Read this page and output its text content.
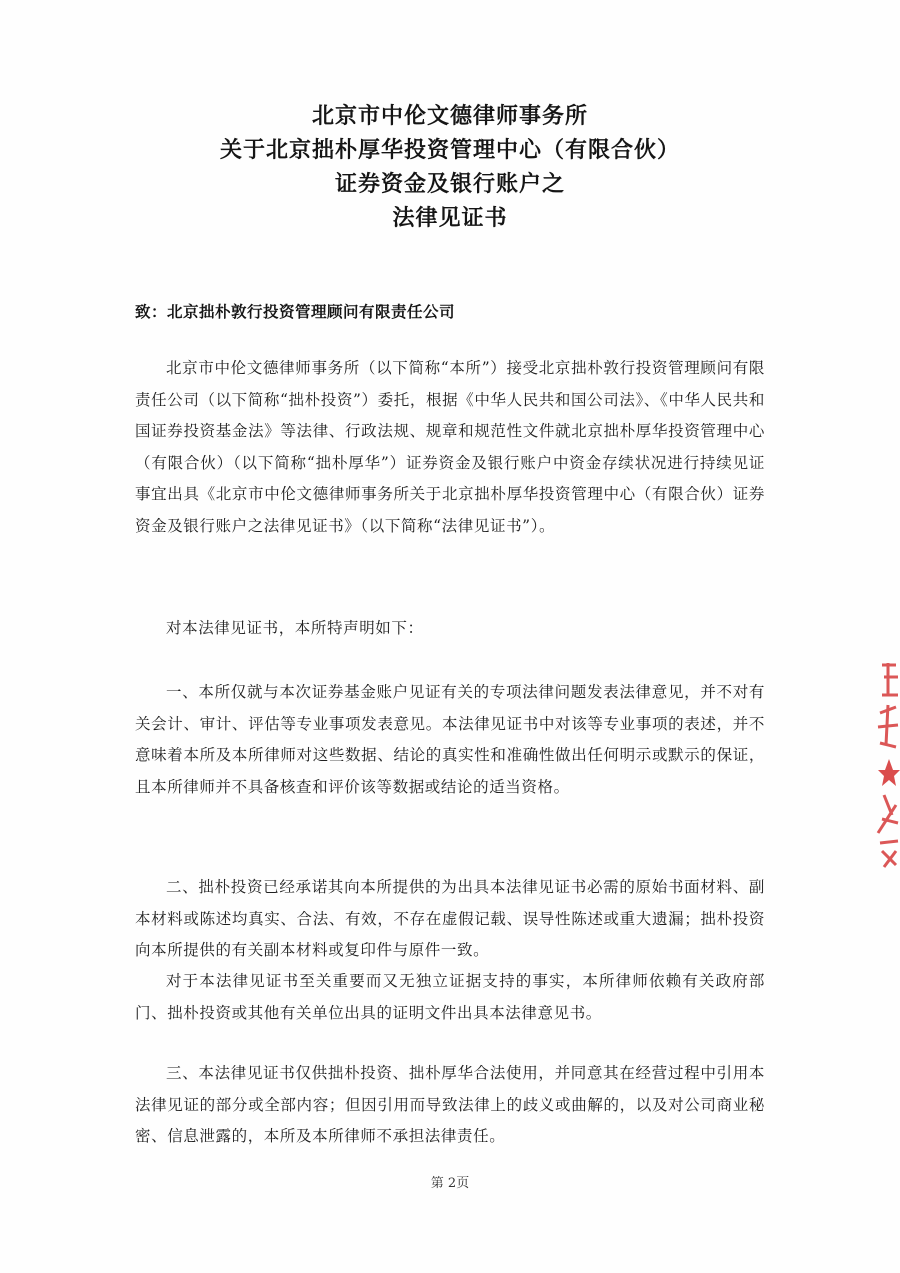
北京市中伦文德律师事务所
关于北京拙朴厚华投资管理中心（有限合伙）
证券资金及银行账户之
法律见证书
致：北京拙朴敦行投资管理顾问有限责任公司

北京市中伦文德律师事务所（以下简称“本所”）接受北京拙朴敦行投资管理顾问有限责任公司（以下简称“拙朴投资”）委托，根据《中华人民共和国公司法》、《中华人民共和国证券投资基金法》等法律、行政法规、规章和规范性文件就北京拙朴厚华投资管理中心（有限合伙）（以下简称“拙朴厚华”）证券资金及银行账户中资金存续状况进行持续见证事宜出具《北京市中伦文德律师事务所关于北京拙朴厚华投资管理中心（有限合伙）证券资金及银行账户之法律见证书》（以下简称“法律见证书”）。

对本法律见证书，本所特声明如下：

一、本所仅就与本次证券基金账户见证有关的专项法律问题发表法律意见，并不对有关会计、审计、评估等专业事项发表意见。本法律见证书中对该等专业事项的表述，并不意味着本所及本所律师对这些数据、结论的真实性和准确性做出任何明示或默示的保证，且本所律师并不具备核查和评价该等数据或结论的适当资格。

二、拙朴投资已经承诺其向本所提供的为出具本法律见证书必需的原始书面材料、副本材料或陈述均真实、合法、有效，不存在虚假记载、误导性陈述或重大遗漏；拙朴投资向本所提供的有关副本材料或复印件与原件一致。

对于本法律见证书至关重要而又无独立证据支持的事实，本所律师依赖有关政府部门、拙朴投资或其他有关单位出具的证明文件出具本法律意见书。

三、本法律见证书仅供拙朴投资、拙朴厚华合法使用，并同意其在经营过程中引用本法律见证的部分或全部内容；但因引用而导致法律上的歧义或曲解的，以及对公司商业秘密、信息泄露的，本所及本所律师不承担法律责任。

第 2页
